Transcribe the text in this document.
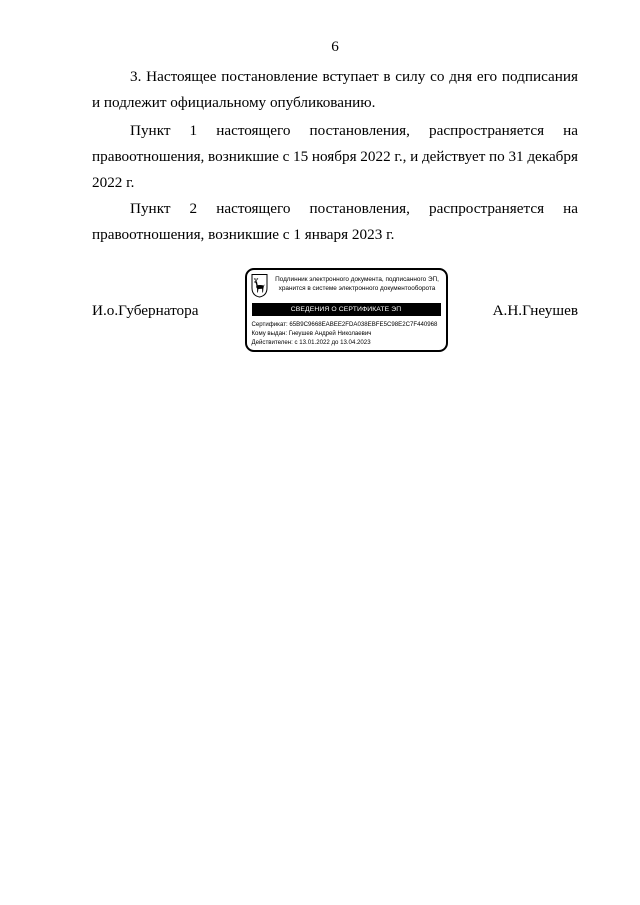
6
3. Настоящее постановление вступает в силу со дня его подписания
и подлежит официальному опубликованию.
Пункт 1 настоящего постановления, распространяется на
правоотношения, возникшие с 15 ноября 2022 г., и действует по 31 декабря
2022 г.
Пункт 2 настоящего постановления, распространяется на
правоотношения, возникшие с 1 января 2023 г.
И.о.Губернатора
Подлинник электронного документа, подписанного ЭП,
хранится в системе электронного документооборота
СВЕДЕНИЯ О СЕРТИФИКАТЕ ЭП
Сертификат: 65B9C9668EABEE2FDA038EBFE5C98E2C7F440968
Кому выдан: Гнеушев Андрей Николаевич
Действителен: с 13.01.2022 до 13.04.2023
А.Н.Гнеушев
